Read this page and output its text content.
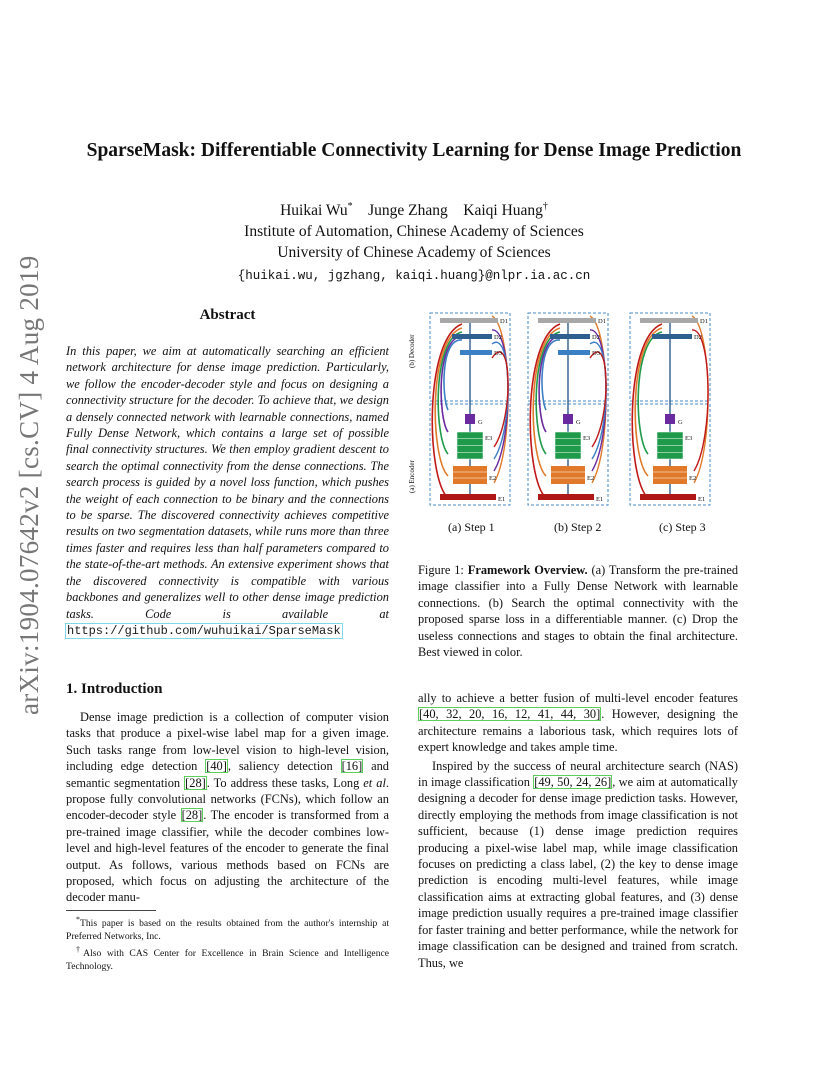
arXiv:1904.07642v2 [cs.CV] 4 Aug 2019
SparseMask: Differentiable Connectivity Learning for Dense Image Prediction
Huikai Wu* Junge Zhang Kaiqi Huang†
Institute of Automation, Chinese Academy of Sciences
University of Chinese Academy of Sciences
{huikai.wu, jgzhang, kaiqi.huang}@nlpr.ia.ac.cn
Abstract
In this paper, we aim at automatically searching an efficient network architecture for dense image prediction. Particularly, we follow the encoder-decoder style and focus on designing a connectivity structure for the decoder. To achieve that, we design a densely connected network with learnable connections, named Fully Dense Network, which contains a large set of possible final connectivity structures. We then employ gradient descent to search the optimal connectivity from the dense connections. The search process is guided by a novel loss function, which pushes the weight of each connection to be binary and the connections to be sparse. The discovered connectivity achieves competitive results on two segmentation datasets, while runs more than three times faster and requires less than half parameters compared to the state-of-the-art methods. An extensive experiment shows that the discovered connectivity is compatible with various backbones and generalizes well to other dense image prediction tasks. Code is available at https://github.com/wuhuikai/SparseMask
1. Introduction

Dense image prediction is a collection of computer vision tasks that produce a pixel-wise label map for a given image. Such tasks range from low-level vision to high-level vision, including edge detection [40], saliency detection [16] and semantic segmentation [28]. To address these tasks, Long et al. propose fully convolutional networks (FCNs), which follow an encoder-decoder style [28]. The encoder is transformed from a pre-trained image classifier, while the decoder combines low-level and high-level features of the encoder to generate the final output. As follows, various methods based on FCNs are proposed, which focus on adjusting the architecture of the decoder manu-

*This paper is based on the results obtained from the author's internship at Preferred Networks, Inc.

†Also with CAS Center for Excellence in Brain Science and Intelligence Technology.

ally to achieve a better fusion of multi-level encoder features [40, 32, 20, 16, 12, 41, 44, 30]. However, designing the architecture remains a laborious task, which requires lots of expert knowledge and takes ample time.

Inspired by the success of neural architecture search (NAS) in image classification [49, 50, 24, 26], we aim at automatically designing a decoder for dense image prediction tasks. However, directly employing the methods from image classification is not sufficient, because (1) dense image prediction requires producing a pixel-wise label map, while image classification focuses on predicting a class label, (2) the key to dense image prediction is encoding multi-level features, while image classification aims at extracting global features, and (3) dense image prediction usually requires a pre-trained image classifier for faster training and better performance, while the network for image classification can be designed and trained from scratch. Thus, we

D1
D2
D3
G
E3
E2
E1
D1
D2
D3
G
E3
E2
E1
D1
D2
G
E3
E2
E1
(b) Decoder
(a) Encoder
(a) Step 1	(b) Step 2	(c) Step 3
Figure 1: Framework Overview. (a) Transform the pre-trained image classifier into a Fully Dense Network with learnable connections. (b) Search the optimal connectivity with the proposed sparse loss in a differentiable manner. (c) Drop the useless connections and stages to obtain the final architecture. Best viewed in color.
